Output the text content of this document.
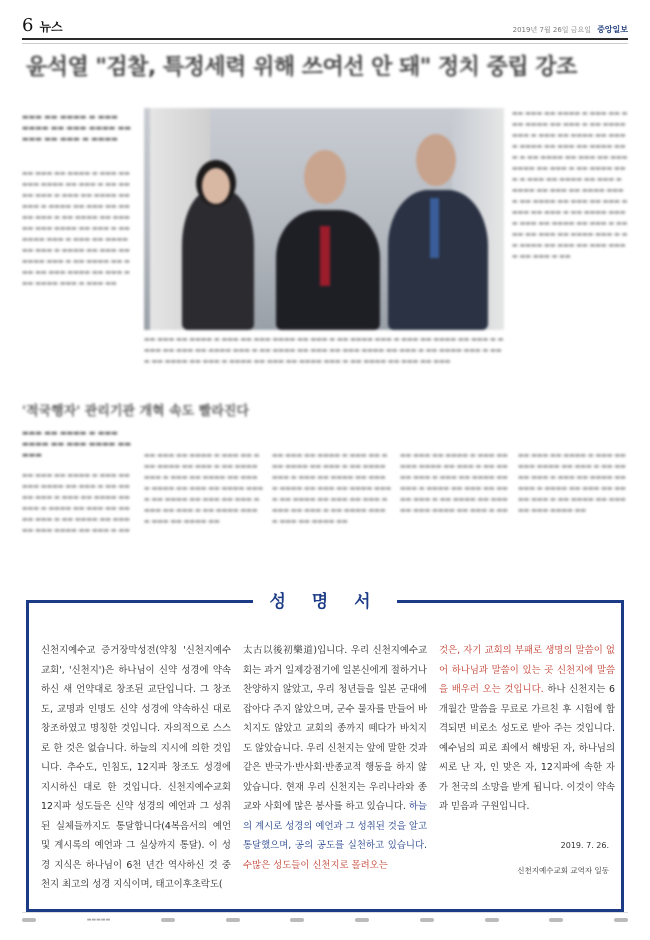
6 뉴스	2019년 7월 26일 금요일 중앙일보
윤석열 "검찰, 특정세력 위해 쓰여선 안 돼" 정치 중립 강조
▬▬▬ ▬▬ ▬▬▬▬ ▬ ▬▬▬ ▬▬▬▬ ▬▬ ▬▬▬ ▬▬▬▬ ▬▬ ▬▬▬ ▬▬ ▬▬▬ ▬ ▬▬▬▬
▬▬ ▬▬▬ ▬▬ ▬▬▬▬ ▬ ▬▬▬ ▬▬ ▬▬▬ ▬▬▬▬ ▬▬ ▬▬▬ ▬ ▬▬ ▬▬▬▬ ▬▬▬ ▬ ▬▬▬ ▬▬ ▬▬▬▬ ▬▬ ▬▬▬ ▬ ▬▬▬▬ ▬▬ ▬▬▬ ▬▬ ▬▬▬▬ ▬▬▬ ▬ ▬▬ ▬▬▬▬ ▬▬ ▬▬▬ ▬▬ ▬▬▬ ▬▬▬▬ ▬▬ ▬▬▬ ▬ ▬▬ ▬▬▬▬ ▬▬▬ ▬ ▬▬▬ ▬▬ ▬▬▬▬ ▬▬ ▬▬▬ ▬ ▬▬▬▬ ▬▬ ▬▬▬ ▬▬ ▬▬▬▬ ▬▬▬ ▬ ▬▬ ▬▬▬▬ ▬▬ ▬▬▬ ▬▬ ▬▬▬ ▬▬▬▬ ▬▬ ▬▬▬ ▬ ▬▬ ▬▬▬▬ ▬▬▬ ▬ ▬▬▬ ▬▬
▬▬ ▬▬▬ ▬▬ ▬▬▬▬ ▬ ▬▬▬ ▬▬ ▬▬▬ ▬▬▬▬ ▬▬ ▬▬▬ ▬ ▬▬ ▬▬▬▬ ▬▬▬ ▬ ▬▬▬ ▬▬ ▬▬▬▬ ▬▬ ▬▬▬ ▬ ▬▬▬▬ ▬▬ ▬▬▬ ▬▬ ▬▬▬▬ ▬▬▬ ▬ ▬▬ ▬▬▬▬ ▬▬ ▬▬▬ ▬▬ ▬▬▬ ▬▬▬▬ ▬▬ ▬▬▬ ▬ ▬▬ ▬▬▬▬ ▬▬▬ ▬ ▬▬▬ ▬▬ ▬▬▬▬ ▬▬ ▬▬▬ ▬ ▬▬▬▬ ▬▬ ▬▬▬ ▬▬ ▬▬▬▬ ▬▬▬ ▬ ▬▬ ▬▬▬▬ ▬▬ ▬▬▬ ▬▬ ▬▬▬ ▬▬▬▬ ▬▬ ▬▬▬ ▬ ▬▬ ▬▬▬▬ ▬▬▬ ▬ ▬▬▬ ▬▬ ▬▬▬▬ ▬▬ ▬▬▬ ▬ ▬▬▬▬ ▬▬ ▬▬▬ ▬▬ ▬▬▬▬ ▬▬▬ ▬ ▬▬ ▬▬▬▬ ▬▬ ▬▬▬ ▬▬ ▬▬▬ ▬▬▬▬ ▬▬ ▬▬▬ ▬ ▬▬
▬▬ ▬▬▬ ▬▬ ▬▬▬▬ ▬ ▬▬▬ ▬▬ ▬▬▬ ▬▬▬▬ ▬▬ ▬▬▬ ▬ ▬▬ ▬▬▬▬ ▬▬▬ ▬ ▬▬▬ ▬▬ ▬▬▬▬ ▬▬ ▬▬▬ ▬ ▬▬▬▬ ▬▬ ▬▬▬ ▬▬ ▬▬▬▬ ▬▬▬ ▬ ▬▬ ▬▬▬▬ ▬▬ ▬▬▬ ▬▬ ▬▬▬ ▬▬▬▬ ▬▬ ▬▬▬ ▬ ▬▬ ▬▬▬▬ ▬▬▬ ▬ ▬▬▬ ▬▬ ▬▬▬▬ ▬▬ ▬▬▬ ▬ ▬▬▬▬ ▬▬ ▬▬▬ ▬▬ ▬▬▬▬ ▬▬▬ ▬ ▬▬ ▬▬▬▬ ▬▬ ▬▬▬ ▬▬ ▬▬▬
'적국행자' 관리기관 개혁 속도 빨라진다
▬▬▬ ▬▬ ▬▬▬▬ ▬ ▬▬▬ ▬▬▬▬ ▬▬ ▬▬▬ ▬▬▬▬ ▬▬ ▬▬▬
▬▬ ▬▬▬ ▬▬ ▬▬▬▬ ▬ ▬▬▬ ▬▬ ▬▬▬ ▬▬▬▬ ▬▬ ▬▬▬ ▬ ▬▬ ▬▬▬▬ ▬▬▬ ▬ ▬▬▬ ▬▬ ▬▬▬▬ ▬▬ ▬▬▬ ▬ ▬▬▬▬ ▬▬ ▬▬▬ ▬▬ ▬▬▬▬ ▬▬▬ ▬ ▬▬ ▬▬▬▬ ▬▬ ▬▬▬ ▬▬ ▬▬▬ ▬▬▬▬ ▬▬ ▬▬▬ ▬ ▬▬
▬▬ ▬▬▬ ▬▬ ▬▬▬▬ ▬ ▬▬▬ ▬▬ ▬▬▬ ▬▬▬▬ ▬▬ ▬▬▬ ▬ ▬▬ ▬▬▬▬ ▬▬▬ ▬ ▬▬▬ ▬▬ ▬▬▬▬ ▬▬ ▬▬▬ ▬ ▬▬▬▬ ▬▬ ▬▬▬ ▬▬ ▬▬▬▬ ▬▬▬ ▬ ▬▬ ▬▬▬▬ ▬▬ ▬▬▬ ▬▬ ▬▬▬ ▬▬▬▬ ▬▬ ▬▬▬ ▬ ▬▬ ▬▬▬▬ ▬▬▬ ▬ ▬▬▬ ▬▬ ▬▬▬▬ ▬▬
▬▬ ▬▬▬ ▬▬ ▬▬▬▬ ▬ ▬▬▬ ▬▬ ▬▬▬ ▬▬▬▬ ▬▬ ▬▬▬ ▬ ▬▬ ▬▬▬▬ ▬▬▬ ▬ ▬▬▬ ▬▬ ▬▬▬▬ ▬▬ ▬▬▬ ▬ ▬▬▬▬ ▬▬ ▬▬▬ ▬▬ ▬▬▬▬ ▬▬▬ ▬ ▬▬ ▬▬▬▬ ▬▬ ▬▬▬ ▬▬ ▬▬▬ ▬▬▬▬ ▬▬ ▬▬▬ ▬ ▬▬ ▬▬▬▬ ▬▬▬ ▬ ▬▬▬ ▬▬ ▬▬▬▬ ▬▬
▬▬ ▬▬▬ ▬▬ ▬▬▬▬ ▬ ▬▬▬ ▬▬ ▬▬▬ ▬▬▬▬ ▬▬ ▬▬▬ ▬ ▬▬ ▬▬▬▬ ▬▬▬ ▬ ▬▬▬ ▬▬ ▬▬▬▬ ▬▬ ▬▬▬ ▬ ▬▬▬▬ ▬▬ ▬▬▬ ▬▬ ▬▬▬▬ ▬▬▬ ▬ ▬▬ ▬▬▬▬ ▬▬ ▬▬▬ ▬▬ ▬▬▬ ▬▬▬▬ ▬▬ ▬▬▬ ▬ ▬▬
▬▬ ▬▬▬ ▬▬ ▬▬▬▬ ▬ ▬▬▬ ▬▬ ▬▬▬ ▬▬▬▬ ▬▬ ▬▬▬ ▬ ▬▬ ▬▬▬▬ ▬▬▬ ▬ ▬▬▬ ▬▬ ▬▬▬▬ ▬▬ ▬▬▬ ▬ ▬▬▬▬ ▬▬ ▬▬▬ ▬▬ ▬▬▬▬ ▬▬▬ ▬ ▬▬ ▬▬▬▬ ▬▬ ▬▬▬ ▬▬ ▬▬▬ ▬▬▬▬ ▬▬
성 명 서
신천지예수교 증거장막성전(약칭 '신천지예수교회', '신천지')은 하나님이 신약 성경에 약속하신 새 언약대로 창조된 교단입니다. 그 창조도, 교명과 인명도 신약 성경에 약속하신 대로 창조하였고 명칭한 것입니다. 자의적으로 스스로 한 것은 없습니다. 하늘의 지시에 의한 것입니다. 추수도, 인침도, 12지파 창조도 성경에 지시하신 대로 한 것입니다. 신천지예수교회 12지파 성도들은 신약 성경의 예언과 그 성취된 실체들까지도 통달합니다(4복음서의 예언 및 계시록의 예언과 그 실상까지 통달). 이 성경 지식은 하나님이 6천 년간 역사하신 것 중 천지 최고의 성경 지식이며, 태고이후초락도(
太古以後初樂道)입니다. 우리 신천지예수교회는 과거 일제강점기에 일본신에게 절하거나 찬양하지 않았고, 우리 청년들을 일본 군대에 잡아다 주지 않았으며, 군수 물자를 만들어 바치지도 않았고 교회의 종까지 떼다가 바치지도 않았습니다. 우리 신천지는 앞에 말한 것과 같은 반국가·반사회·반종교적 행동을 하지 않았습니다. 현재 우리 신천지는 우리나라와 종교와 사회에 많은 봉사를 하고 있습니다. 하늘의 계시로 성경의 예언과 그 성취된 것을 알고 통달했으며, 공의 공도를 실천하고 있습니다. 수많은 성도들이 신천지로 몰려오는
것은, 자기 교회의 부패로 생명의 말씀이 없어 하나님과 말씀이 있는 곳 신천지에 말씀을 배우러 오는 것입니다. 하나 신천지는 6개월간 말씀을 무료로 가르친 후 시험에 합격되면 비로소 성도로 받아 주는 것입니다. 예수님의 피로 죄에서 해방된 자, 하나님의 씨로 난 자, 인 맞은 자, 12지파에 속한 자가 천국의 소망을 받게 됩니다. 이것이 약속과 믿음과 구원입니다.
2019. 7. 26.
신천지예수교회 교역자 일동
▬▬▬▬▬
